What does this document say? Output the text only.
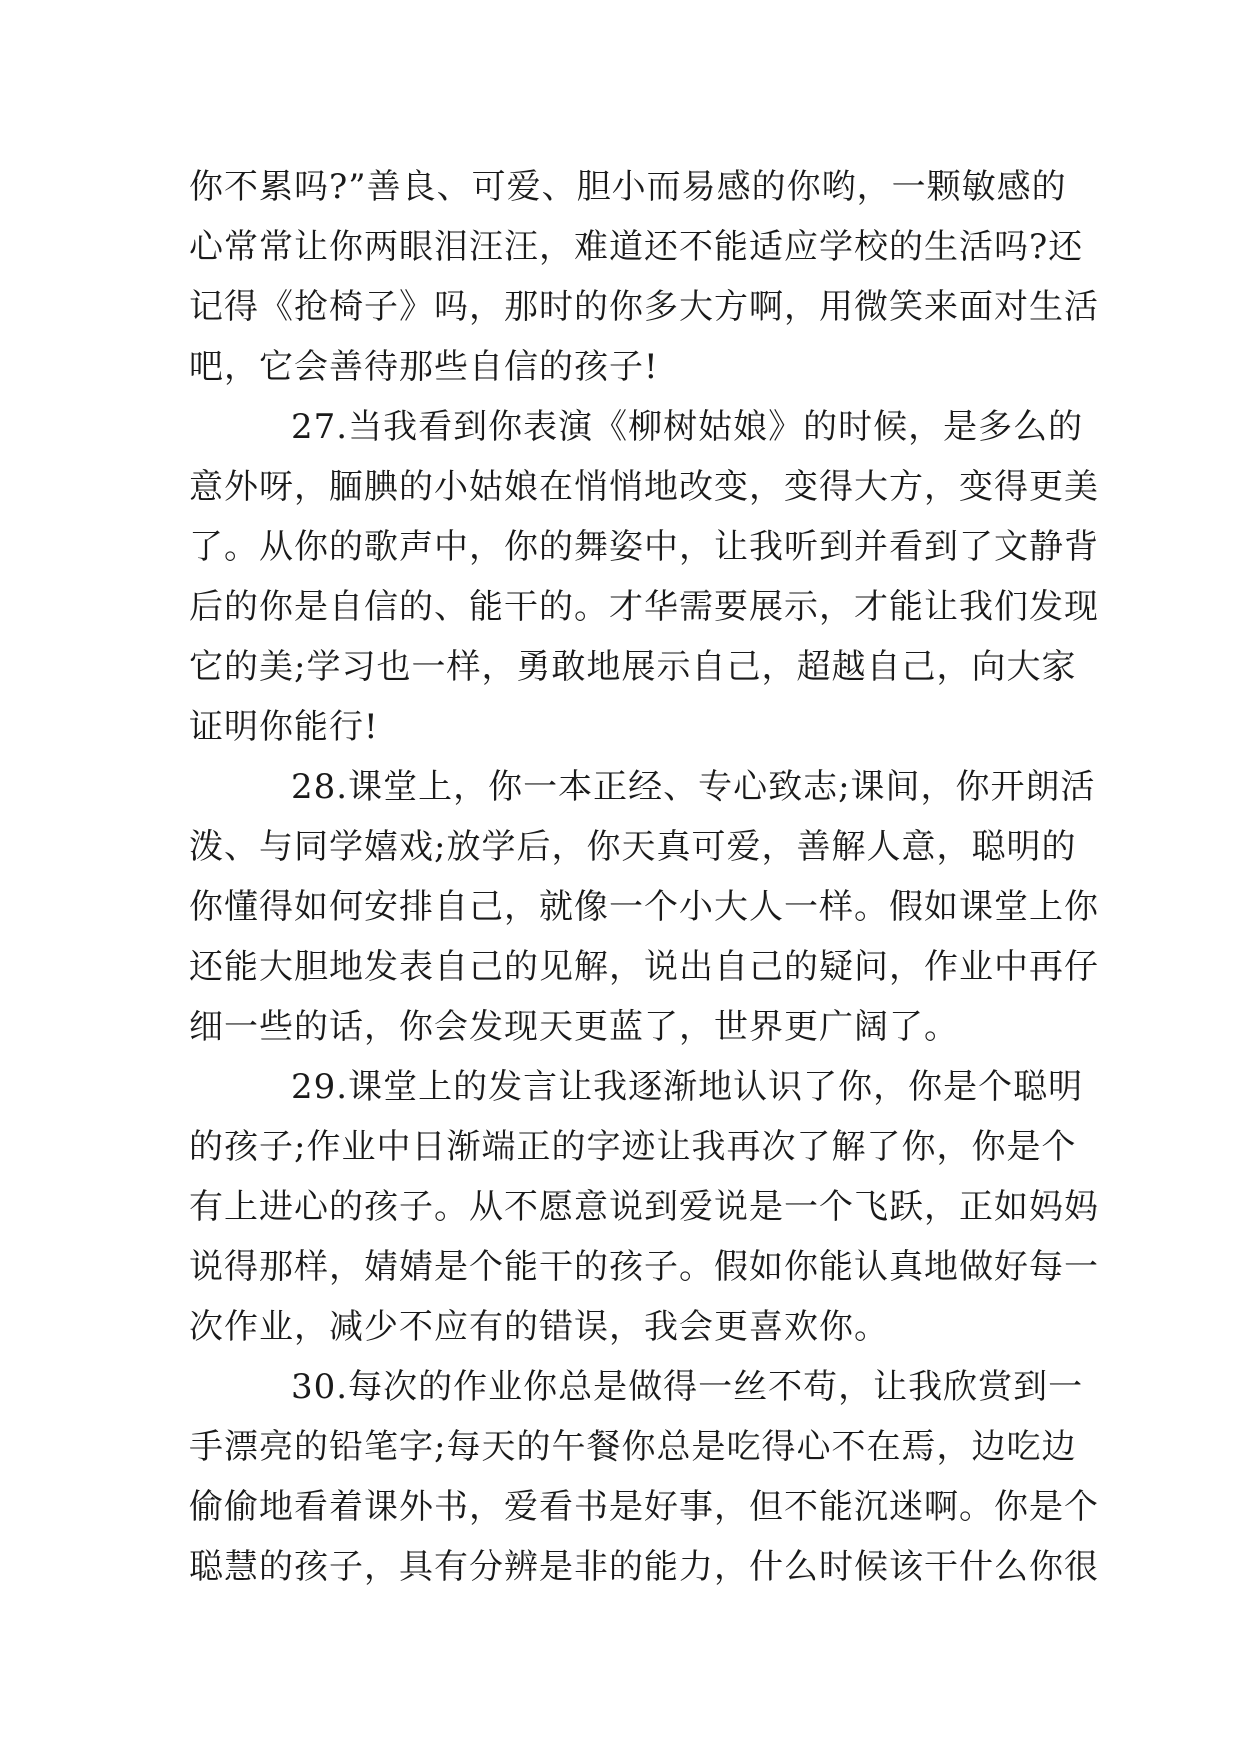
你不累吗?”善良、可爱、胆小而易感的你哟，一颗敏感的
心常常让你两眼泪汪汪，难道还不能适应学校的生活吗?还
记得《抢椅子》吗，那时的你多大方啊，用微笑来面对生活
吧，它会善待那些自信的孩子!
27.当我看到你表演《柳树姑娘》的时候，是多么的
意外呀，腼腆的小姑娘在悄悄地改变，变得大方，变得更美
了。从你的歌声中，你的舞姿中，让我听到并看到了文静背
后的你是自信的、能干的。才华需要展示，才能让我们发现
它的美;学习也一样，勇敢地展示自己，超越自己，向大家
证明你能行!
28.课堂上，你一本正经、专心致志;课间，你开朗活
泼、与同学嬉戏;放学后，你天真可爱，善解人意，聪明的
你懂得如何安排自己，就像一个小大人一样。假如课堂上你
还能大胆地发表自己的见解，说出自己的疑问，作业中再仔
细一些的话，你会发现天更蓝了，世界更广阔了。
29.课堂上的发言让我逐渐地认识了你，你是个聪明
的孩子;作业中日渐端正的字迹让我再次了解了你，你是个
有上进心的孩子。从不愿意说到爱说是一个飞跃，正如妈妈
说得那样，婧婧是个能干的孩子。假如你能认真地做好每一
次作业，减少不应有的错误，我会更喜欢你。
30.每次的作业你总是做得一丝不苟，让我欣赏到一
手漂亮的铅笔字;每天的午餐你总是吃得心不在焉，边吃边
偷偷地看着课外书，爱看书是好事，但不能沉迷啊。你是个
聪慧的孩子，具有分辨是非的能力，什么时候该干什么你很
